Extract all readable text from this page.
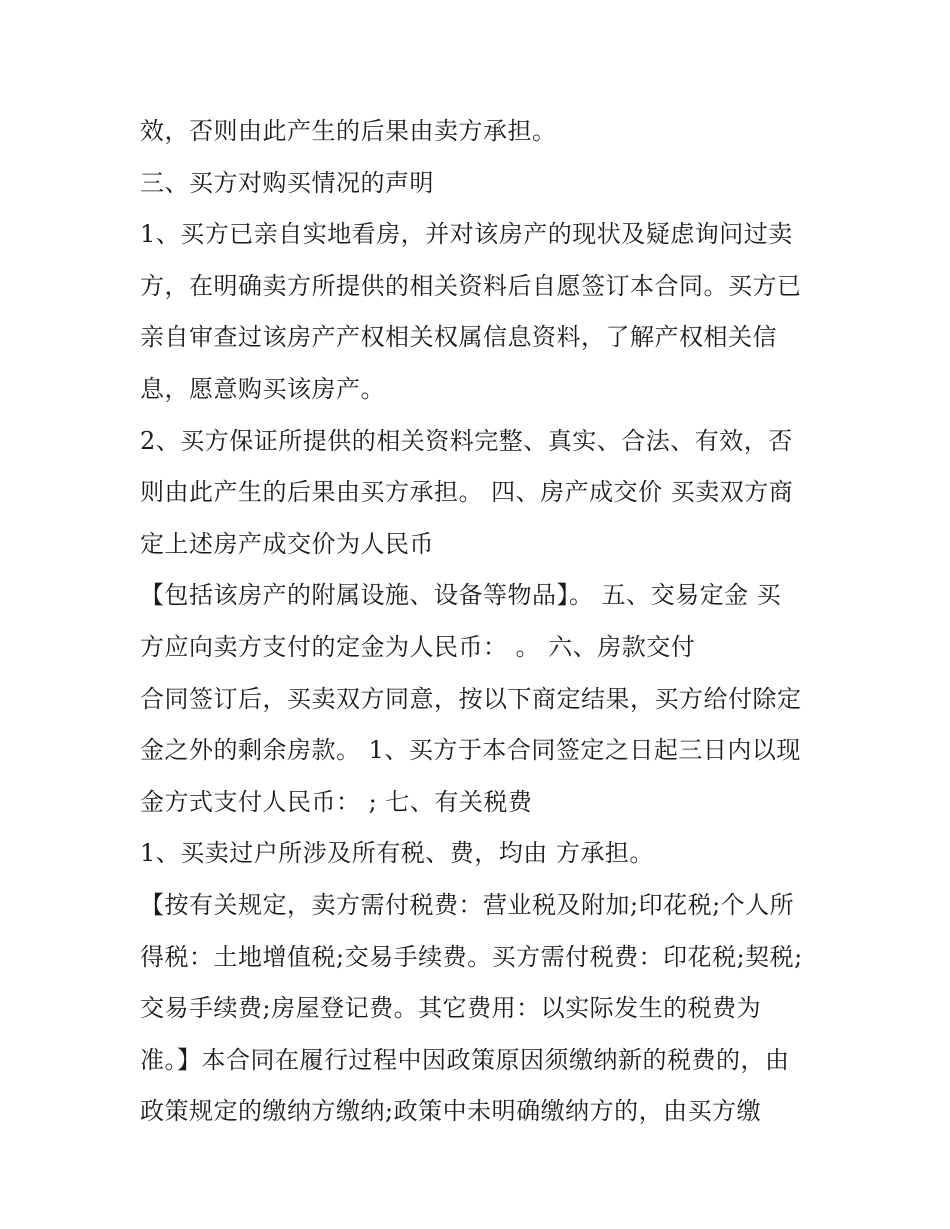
效，否则由此产生的后果由卖方承担。
三、买方对购买情况的声明
1、买方已亲自实地看房，并对该房产的现状及疑虑询问过卖
方，在明确卖方所提供的相关资料后自愿签订本合同。买方已
亲自审查过该房产产权相关权属信息资料，了解产权相关信
息，愿意购买该房产。
2、买方保证所提供的相关资料完整、真实、合法、有效，否
则由此产生的后果由买方承担。 四、房产成交价 买卖双方商
定上述房产成交价为人民币
【包括该房产的附属设施、设备等物品】。 五、交易定金 买
方应向卖方支付的定金为人民币： 。 六、房款交付
合同签订后，买卖双方同意，按以下商定结果，买方给付除定
金之外的剩余房款。 1、买方于本合同签定之日起三日内以现
金方式支付人民币： ; 七、有关税费
1、买卖过户所涉及所有税、费，均由 方承担。
【按有关规定，卖方需付税费：营业税及附加;印花税;个人所
得税：土地增值税;交易手续费。买方需付税费：印花税;契税;
交易手续费;房屋登记费。其它费用：以实际发生的税费为
准。】本合同在履行过程中因政策原因须缴纳新的税费的，由
政策规定的缴纳方缴纳;政策中未明确缴纳方的，由买方缴
